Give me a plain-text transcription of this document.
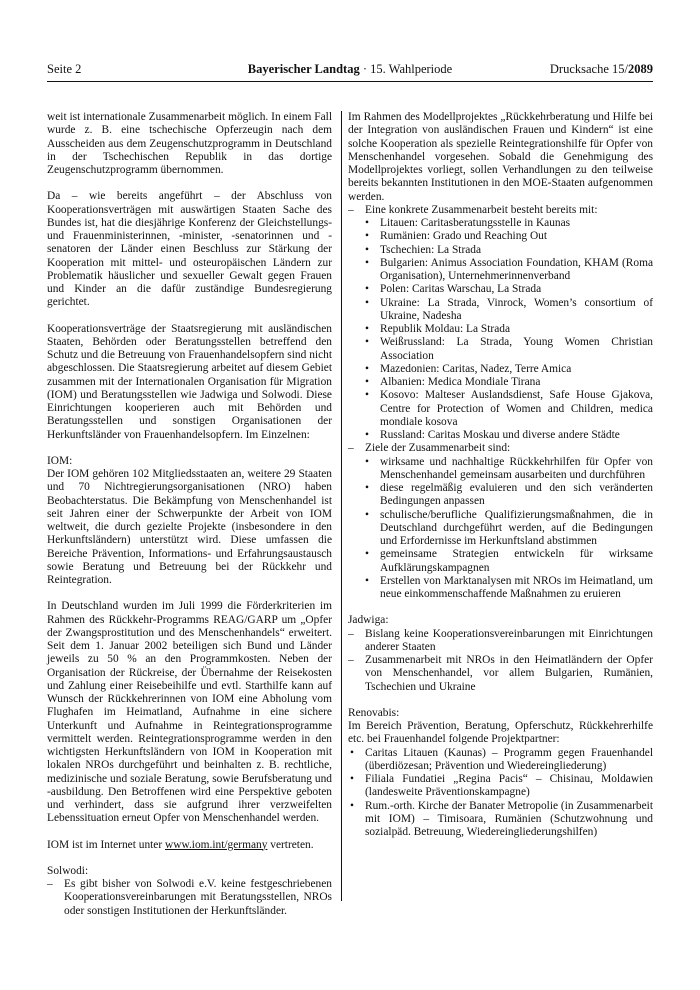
Seite 2	Bayerischer Landtag · 15. Wahlperiode	Drucksache 15/2089

weit ist internationale Zusammenarbeit möglich. In einem Fall wurde z. B. eine tschechische Opferzeugin nach dem Ausscheiden aus dem Zeugenschutzprogramm in Deutschland in der Tschechischen Republik in das dortige Zeugenschutzprogramm übernommen.

Da – wie bereits angeführt – der Abschluss von Kooperationsverträgen mit auswärtigen Staaten Sache des Bundes ist, hat die diesjährige Konferenz der Gleichstellungs- und Frauenministerinnen, -minister, -senatorinnen und -senatoren der Länder einen Beschluss zur Stärkung der Kooperation mit mittel- und osteuropäischen Ländern zur Problematik häuslicher und sexueller Gewalt gegen Frauen und Kinder an die dafür zuständige Bundesregierung gerichtet.

Kooperationsverträge der Staatsregierung mit ausländischen Staaten, Behörden oder Beratungsstellen betreffend den Schutz und die Betreuung von Frauenhandelsopfern sind nicht abgeschlossen. Die Staatsregierung arbeitet auf diesem Gebiet zusammen mit der Internationalen Organisation für Migration (IOM) und Beratungsstellen wie Jadwiga und Solwodi. Diese Einrichtungen kooperieren auch mit Behörden und Beratungsstellen und sonstigen Organisationen der Herkunftsländer von Frauenhandelsopfern. Im Einzelnen:

IOM:

Der IOM gehören 102 Mitgliedsstaaten an, weitere 29 Staaten und 70 Nichtregierungsorganisationen (NRO) haben Beobachterstatus. Die Bekämpfung von Menschenhandel ist seit Jahren einer der Schwerpunkte der Arbeit von IOM weltweit, die durch gezielte Projekte (insbesondere in den Herkunftsländern) unterstützt wird. Diese umfassen die Bereiche Prävention, Informations- und Erfahrungsaustausch sowie Beratung und Betreuung bei der Rückkehr und Reintegration.

In Deutschland wurden im Juli 1999 die Förderkriterien im Rahmen des Rückkehr-Programms REAG/GARP um „Opfer der Zwangsprostitution und des Menschenhandels“ erweitert. Seit dem 1. Januar 2002 beteiligen sich Bund und Länder jeweils zu 50 % an den Programmkosten. Neben der Organisation der Rückreise, der Übernahme der Reisekosten und Zahlung einer Reisebeihilfe und evtl. Starthilfe kann auf Wunsch der Rückkehrerinnen von IOM eine Abholung vom Flughafen im Heimatland, Aufnahme in eine sichere Unterkunft und Aufnahme in Reintegrationsprogramme vermittelt werden. Reintegrationsprogramme werden in den wichtigsten Herkunftsländern von IOM in Kooperation mit lokalen NROs durchgeführt und beinhalten z. B. rechtliche, medizinische und soziale Beratung, sowie Berufsberatung und -ausbildung. Den Betroffenen wird eine Perspektive geboten und verhindert, dass sie aufgrund ihrer verzweifelten Lebenssituation erneut Opfer von Menschenhandel werden.

IOM ist im Internet unter www.iom.int/germany vertreten.

Solwodi:
– Es gibt bisher von Solwodi e.V. keine festgeschriebenen Kooperationsvereinbarungen mit Beratungsstellen, NROs oder sonstigen Institutionen der Herkunftsländer.
Im Rahmen des Modellprojektes „Rückkehrberatung und Hilfe bei der Integration von ausländischen Frauen und Kindern“ ist eine solche Kooperation als spezielle Reintegrationshilfe für Opfer von Menschenhandel vorgesehen. Sobald die Genehmigung des Modellprojektes vorliegt, sollen Verhandlungen zu den teilweise bereits bekannten Institutionen in den MOE-Staaten aufgenommen werden.
– Eine konkrete Zusammenarbeit besteht bereits mit:
• Litauen: Caritasberatungsstelle in Kaunas
• Rumänien: Grado und Reaching Out
• Tschechien: La Strada
• Bulgarien: Animus Association Foundation, KHAM (Roma Organisation), Unternehmerinnenverband
• Polen: Caritas Warschau, La Strada
• Ukraine: La Strada, Vinrock, Women’s consortium of Ukraine, Nadesha
• Republik Moldau: La Strada
• Weißrussland: La Strada, Young Women Christian Association
• Mazedonien: Caritas, Nadez, Terre Amica
• Albanien: Medica Mondiale Tirana
• Kosovo: Malteser Auslandsdienst, Safe House Gjakova, Centre for Protection of Women and Children, medica mondiale kosova
• Russland: Caritas Moskau und diverse andere Städte
– Ziele der Zusammenarbeit sind:
• wirksame und nachhaltige Rückkehrhilfen für Opfer von Menschenhandel gemeinsam ausarbeiten und durchführen
• diese regelmäßig evaluieren und den sich veränderten Bedingungen anpassen
• schulische/berufliche Qualifizierungsmaßnahmen, die in Deutschland durchgeführt werden, auf die Bedingungen und Erfordernisse im Herkunftsland abstimmen
• gemeinsame Strategien entwickeln für wirksame Aufklärungskampagnen
• Erstellen von Marktanalysen mit NROs im Heimatland, um neue einkommenschaffende Maßnahmen zu eruieren
Jadwiga:
– Bislang keine Kooperationsvereinbarungen mit Einrichtungen anderer Staaten
– Zusammenarbeit mit NROs in den Heimatländern der Opfer von Menschenhandel, vor allem Bulgarien, Rumänien, Tschechien und Ukraine
Renovabis:
Im Bereich Prävention, Beratung, Opferschutz, Rückkehrerhilfe etc. bei Frauenhandel folgende Projektpartner:
• Caritas Litauen (Kaunas) – Programm gegen Frauenhandel (überdiözesan; Prävention und Wiedereingliederung)
• Filiala Fundatiei „Regina Pacis“ – Chisinau, Moldawien (landesweite Präventionskampagne)
• Rum.-orth. Kirche der Banater Metropolie (in Zusammenarbeit mit IOM) – Timisoara, Rumänien (Schutzwohnung und sozialpäd. Betreuung, Wiedereingliederungshilfen)
